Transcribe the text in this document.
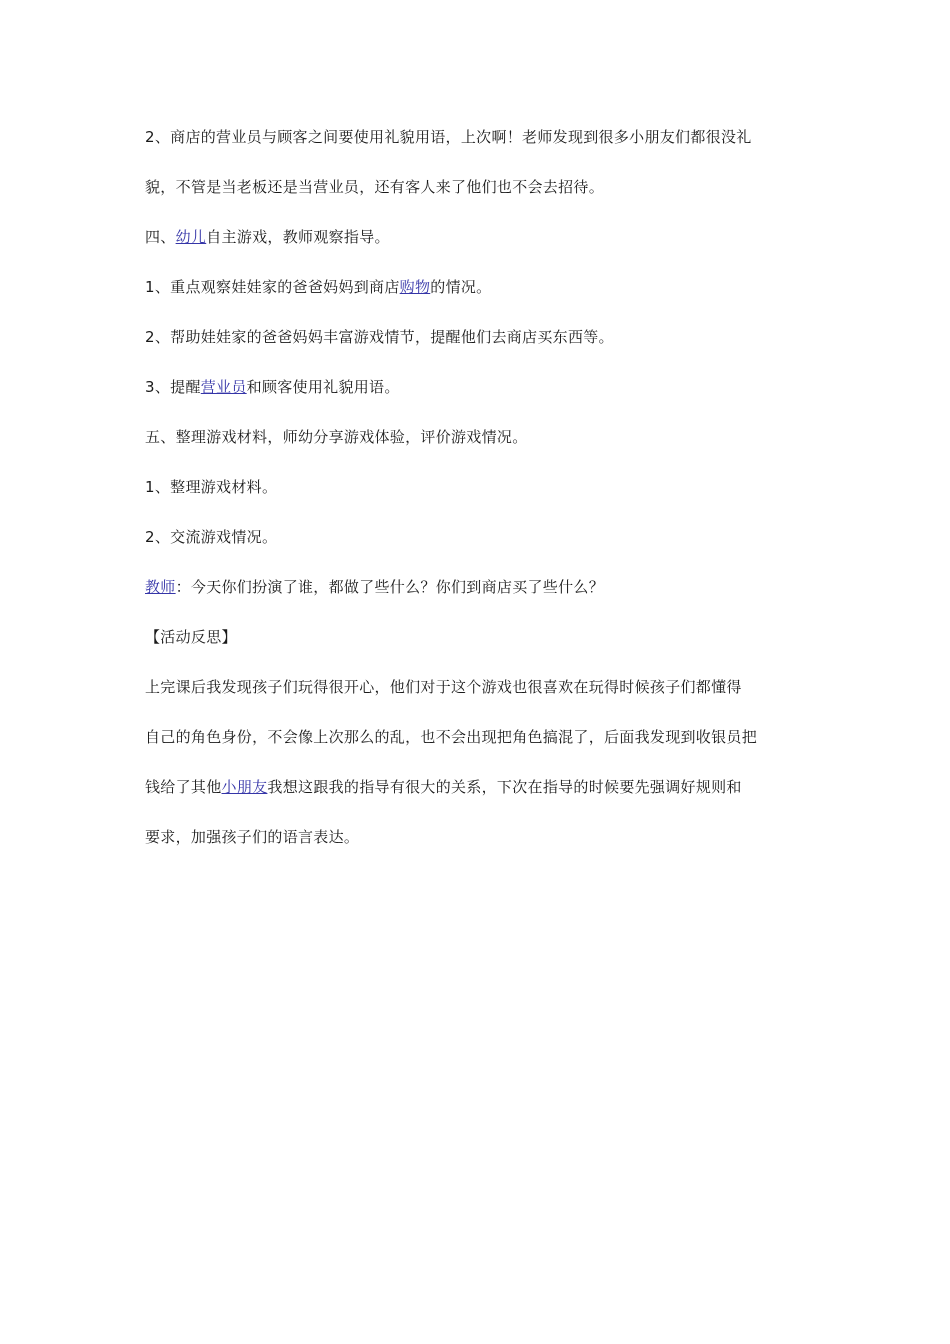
2、商店的营业员与顾客之间要使用礼貌用语，上次啊！老师发现到很多小朋友们都很没礼
貌，不管是当老板还是当营业员，还有客人来了他们也不会去招待。
四、幼儿自主游戏，教师观察指导。
1、重点观察娃娃家的爸爸妈妈到商店购物的情况。
2、帮助娃娃家的爸爸妈妈丰富游戏情节，提醒他们去商店买东西等。
3、提醒营业员和顾客使用礼貌用语。
五、整理游戏材料，师幼分享游戏体验，评价游戏情况。
1、整理游戏材料。
2、交流游戏情况。
教师：今天你们扮演了谁，都做了些什么？你们到商店买了些什么？
【活动反思】
上完课后我发现孩子们玩得很开心，他们对于这个游戏也很喜欢在玩得时候孩子们都懂得
自己的角色身份，不会像上次那么的乱，也不会出现把角色搞混了，后面我发现到收银员把
钱给了其他小朋友我想这跟我的指导有很大的关系，下次在指导的时候要先强调好规则和
要求，加强孩子们的语言表达。
